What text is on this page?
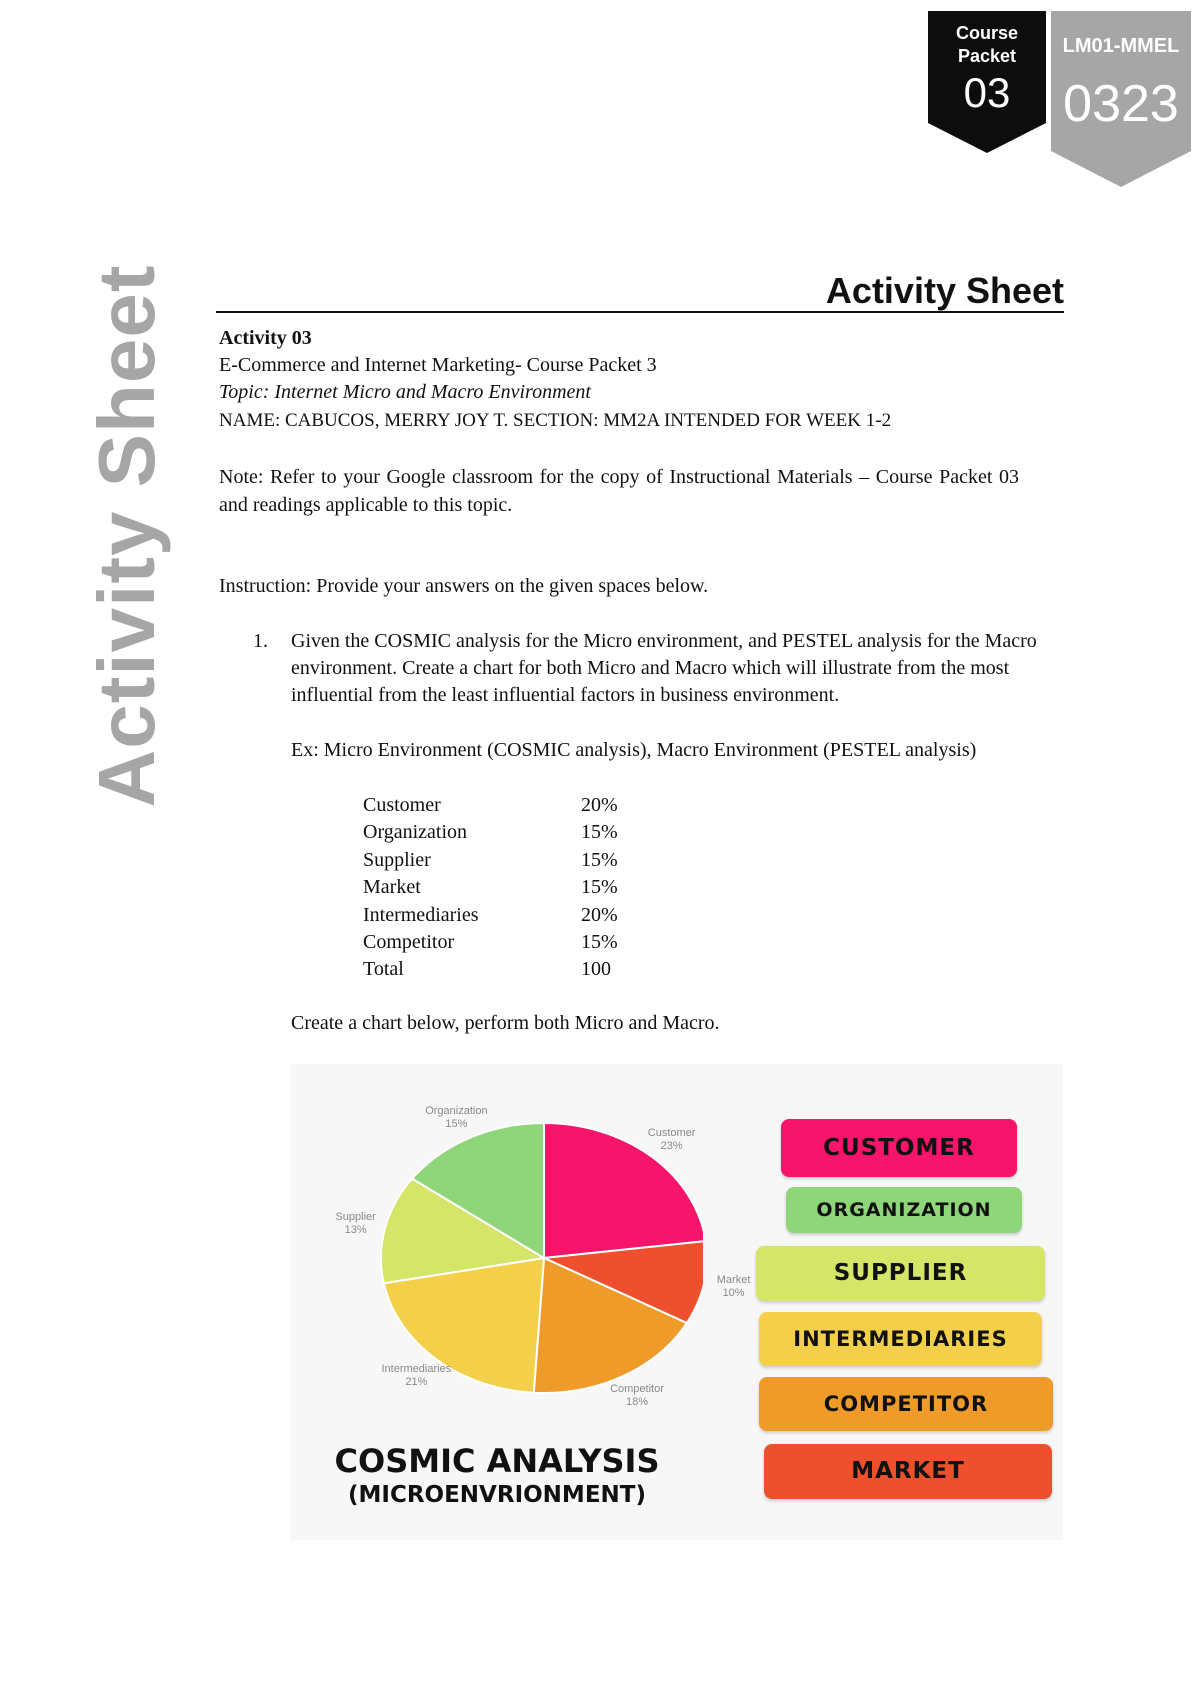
Course
Packet
03
LM01-MMEL
0323
Activity Sheet	Activity Sheet
Activity 03
E-Commerce and Internet Marketing- Course Packet 3
Topic: Internet Micro and Macro Environment
NAME: CABUCOS, MERRY JOY T. SECTION: MM2A INTENDED FOR WEEK 1-2
Note: Refer to your Google classroom for the copy of Instructional Materials – Course Packet 03 and readings applicable to this topic.
Instruction: Provide your answers on the given spaces below.
1. Given the COSMIC analysis for the Micro environment, and PESTEL analysis for the Macro environment. Create a chart for both Micro and Macro which will illustrate from the most influential from the least influential factors in business environment.
Ex: Micro Environment (COSMIC analysis), Macro Environment (PESTEL analysis)
Customer	20%
Organization	15%
Supplier	15%
Market	15%
Intermediaries	20%
Competitor	15%
Total	100
Create a chart below, perform both Micro and Macro.
Customer
23%
Market
10%
Competitor
18%
Intermediaries
21%
Supplier
13%
Organization
15%
CUSTOMER
ORGANIZATION
SUPPLIER
INTERMEDIARIES
COMPETITOR
MARKET
COSMIC ANALYSIS
(MICROENVRIONMENT)
